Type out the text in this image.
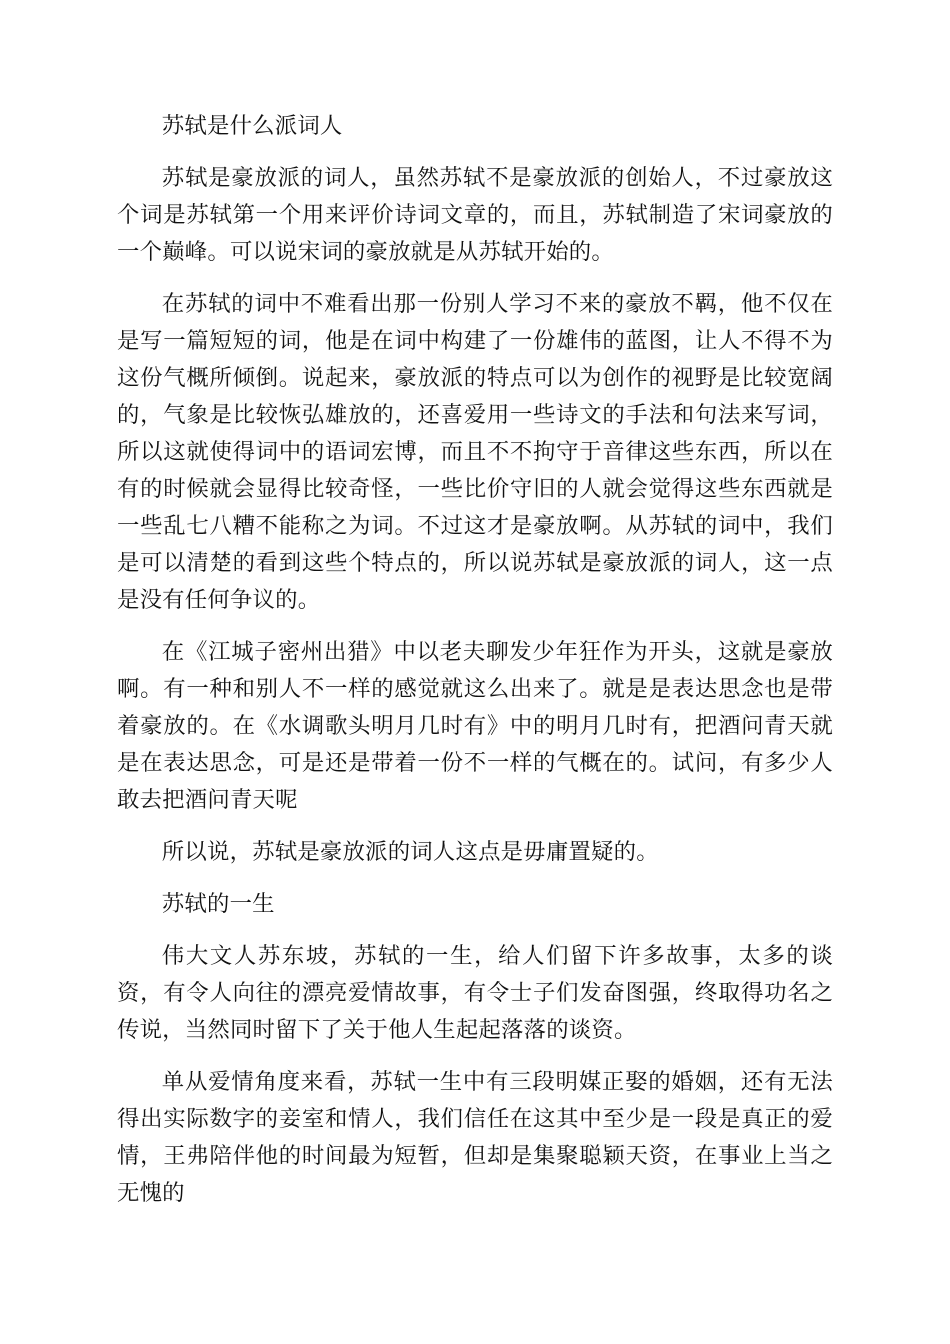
苏轼是什么派词人

苏轼是豪放派的词人，虽然苏轼不是豪放派的创始人，不过豪放这个词是苏轼第一个用来评价诗词文章的，而且，苏轼制造了宋词豪放的一个巅峰。可以说宋词的豪放就是从苏轼开始的。

在苏轼的词中不难看出那一份别人学习不来的豪放不羁，他不仅在是写一篇短短的词，他是在词中构建了一份雄伟的蓝图，让人不得不为这份气概所倾倒。说起来，豪放派的特点可以为创作的视野是比较宽阔的，气象是比较恢弘雄放的，还喜爱用一些诗文的手法和句法来写词，所以这就使得词中的语词宏博，而且不不拘守于音律这些东西，所以在有的时候就会显得比较奇怪，一些比价守旧的人就会觉得这些东西就是一些乱七八糟不能称之为词。不过这才是豪放啊。从苏轼的词中，我们是可以清楚的看到这些个特点的，所以说苏轼是豪放派的词人，这一点是没有任何争议的。

在《江城子密州出猎》中以老夫聊发少年狂作为开头，这就是豪放啊。有一种和别人不一样的感觉就这么出来了。就是是表达思念也是带着豪放的。在《水调歌头明月几时有》中的明月几时有，把酒问青天就是在表达思念，可是还是带着一份不一样的气概在的。试问，有多少人敢去把酒问青天呢

所以说，苏轼是豪放派的词人这点是毋庸置疑的。

苏轼的一生

伟大文人苏东坡，苏轼的一生，给人们留下许多故事，太多的谈资，有令人向往的漂亮爱情故事，有令士子们发奋图强，终取得功名之传说，当然同时留下了关于他人生起起落落的谈资。

单从爱情角度来看，苏轼一生中有三段明媒正娶的婚姻，还有无法得出实际数字的妾室和情人，我们信任在这其中至少是一段是真正的爱情，王弗陪伴他的时间最为短暂，但却是集聚聪颖天资，在事业上当之无愧的
